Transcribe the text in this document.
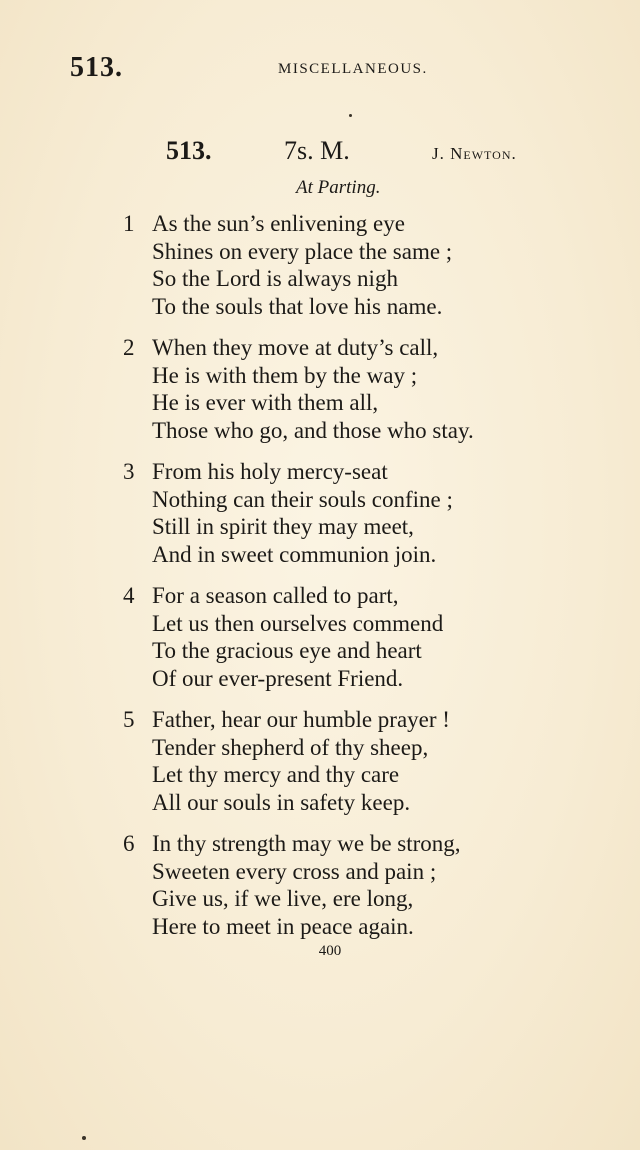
513.	MISCELLANEOUS.
513.	7s. M.	J. Newton.
At Parting.
1 As the sun’s enlivening eye
Shines on every place the same ;
So the Lord is always nigh
To the souls that love his name.
2 When they move at duty’s call,
He is with them by the way ;
He is ever with them all,
Those who go, and those who stay.
3 From his holy mercy-seat
Nothing can their souls confine ;
Still in spirit they may meet,
And in sweet communion join.
4 For a season called to part,
Let us then ourselves commend
To the gracious eye and heart
Of our ever-present Friend.
5 Father, hear our humble prayer !
Tender shepherd of thy sheep,
Let thy mercy and thy care
All our souls in safety keep.
6 In thy strength may we be strong,
Sweeten every cross and pain ;
Give us, if we live, ere long,
Here to meet in peace again.
400
